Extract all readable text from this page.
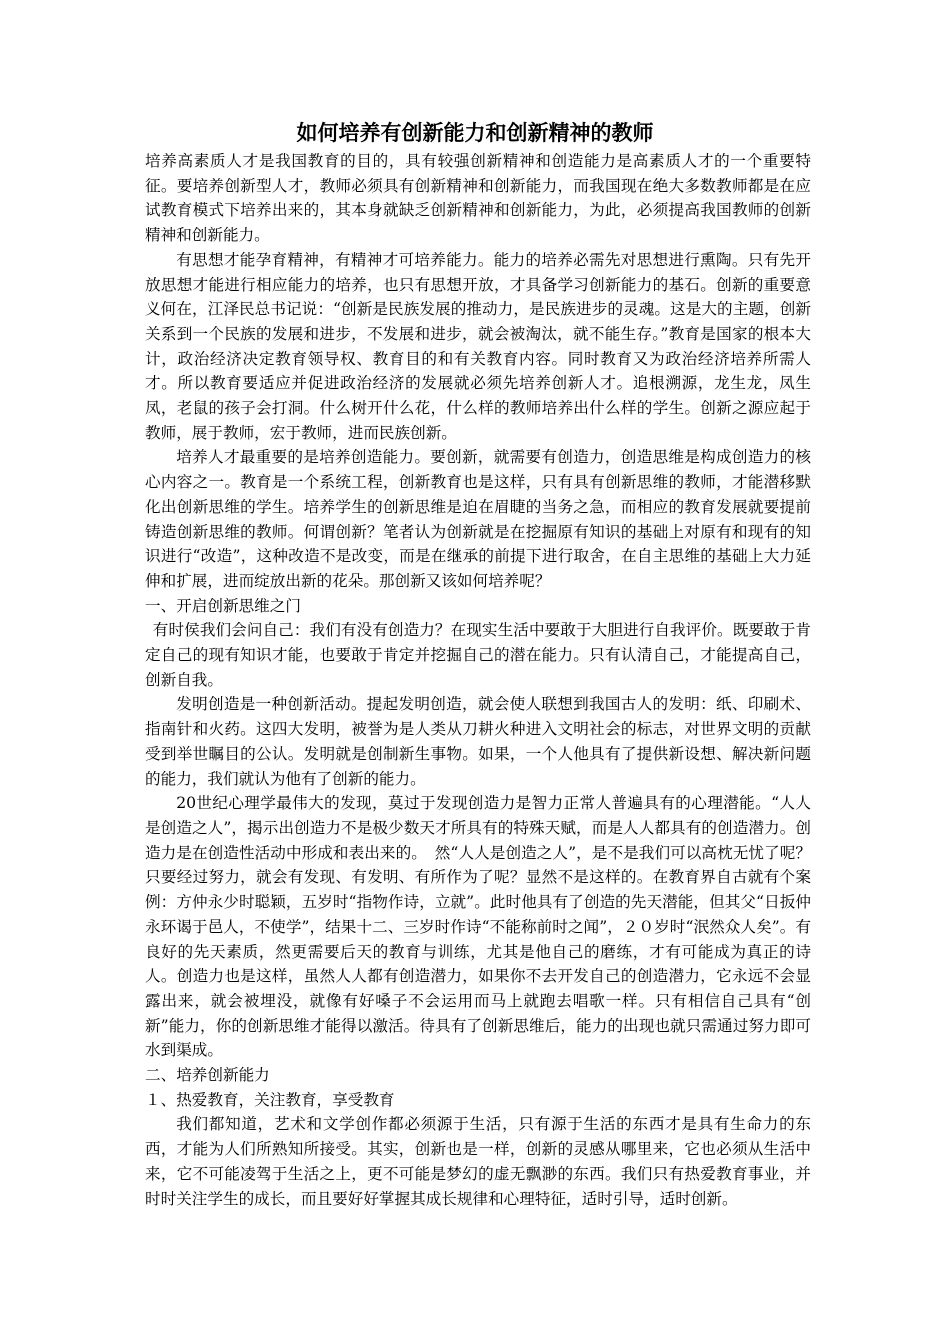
如何培养有创新能力和创新精神的教师

培养高素质人才是我国教育的目的，具有较强创新精神和创造能力是高素质人才的一个重要特征。要培养创新型人才，教师必须具有创新精神和创新能力，而我国现在绝大多数教师都是在应试教育模式下培养出来的，其本身就缺乏创新精神和创新能力，为此，必须提高我国教师的创新精神和创新能力。

有思想才能孕育精神，有精神才可培养能力。能力的培养必需先对思想进行熏陶。只有先开放思想才能进行相应能力的培养，也只有思想开放，才具备学习创新能力的基石。创新的重要意义何在，江泽民总书记说：“创新是民族发展的推动力，是民族进步的灵魂。这是大的主题，创新关系到一个民族的发展和进步，不发展和进步，就会被淘汰，就不能生存。”教育是国家的根本大计，政治经济决定教育领导权、教育目的和有关教育内容。同时教育又为政治经济培养所需人才。所以教育要适应并促进政治经济的发展就必须先培养创新人才。追根溯源，龙生龙，凤生凤，老鼠的孩子会打洞。什么树开什么花，什么样的教师培养出什么样的学生。创新之源应起于教师，展于教师，宏于教师，进而民族创新。

培养人才最重要的是培养创造能力。要创新，就需要有创造力，创造思维是构成创造力的核心内容之一。教育是一个系统工程，创新教育也是这样，只有具有创新思维的教师，才能潜移默化出创新思维的学生。培养学生的创新思维是迫在眉睫的当务之急，而相应的教育发展就要提前铸造创新思维的教师。何谓创新？笔者认为创新就是在挖掘原有知识的基础上对原有和现有的知识进行“改造”，这种改造不是改变，而是在继承的前提下进行取舍，在自主思维的基础上大力延伸和扩展，进而绽放出新的花朵。那创新又该如何培养呢？

一、开启创新思维之门

有时侯我们会问自己：我们有没有创造力？在现实生活中要敢于大胆进行自我评价。既要敢于肯定自己的现有知识才能，也要敢于肯定并挖掘自己的潜在能力。只有认清自己，才能提高自己，创新自我。

发明创造是一种创新活动。提起发明创造，就会使人联想到我国古人的发明：纸、印刷术、指南针和火药。这四大发明，被誉为是人类从刀耕火种进入文明社会的标志，对世界文明的贡献受到举世瞩目的公认。发明就是创制新生事物。如果，一个人他具有了提供新设想、解决新问题的能力，我们就认为他有了创新的能力。

20世纪心理学最伟大的发现，莫过于发现创造力是智力正常人普遍具有的心理潜能。“人人是创造之人”，揭示出创造力不是极少数天才所具有的特殊天赋，而是人人都具有的创造潜力。创造力是在创造性活动中形成和表出来的。　然“人人是创造之人”，是不是我们可以高枕无忧了呢？只要经过努力，就会有发现、有发明、有所作为了呢？显然不是这样的。在教育界自古就有个案例：方仲永少时聪颖，五岁时“指物作诗，立就”。此时他具有了创造的先天潜能，但其父“日扳仲永环谒于邑人，不使学”，结果十二、三岁时作诗“不能称前时之闻”，２０岁时“泯然众人矣”。有良好的先天素质，然更需要后天的教育与训练，尤其是他自己的磨练，才有可能成为真正的诗人。创造力也是这样，虽然人人都有创造潜力，如果你不去开发自己的创造潜力，它永远不会显露出来，就会被埋没，就像有好嗓子不会运用而马上就跑去唱歌一样。只有相信自己具有“创新”能力，你的创新思维才能得以激活。待具有了创新思维后，能力的出现也就只需通过努力即可水到渠成。

二、培养创新能力

１、热爱教育，关注教育，享受教育

我们都知道，艺术和文学创作都必须源于生活，只有源于生活的东西才是具有生命力的东西，才能为人们所熟知所接受。其实，创新也是一样，创新的灵感从哪里来，它也必须从生活中来，它不可能凌驾于生活之上，更不可能是梦幻的虚无飘渺的东西。我们只有热爱教育事业，并时时关注学生的成长，而且要好好掌握其成长规律和心理特征，适时引导，适时创新。
